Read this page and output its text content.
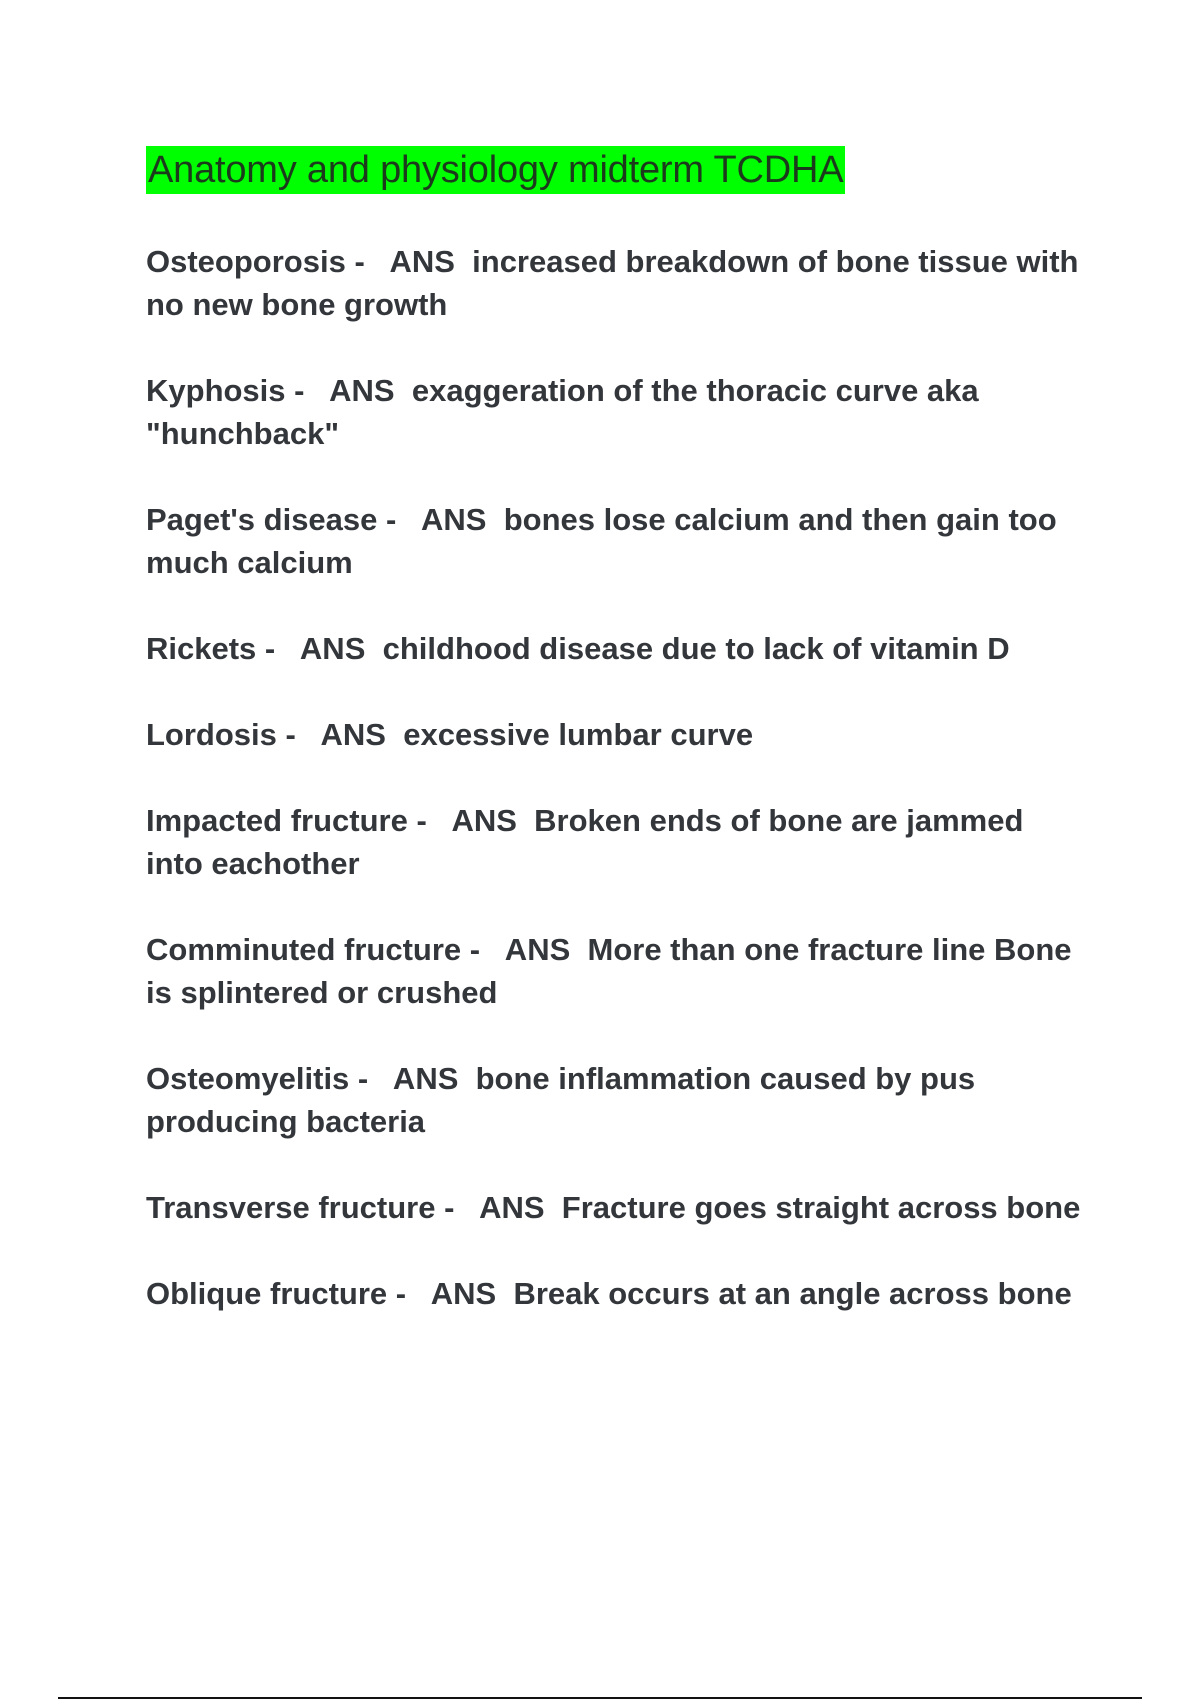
Anatomy and physiology midterm TCDHA
Osteoporosis -   ANS  increased breakdown of bone tissue with no new bone growth
Kyphosis -   ANS  exaggeration of the thoracic curve aka "hunchback"
Paget's disease -   ANS  bones lose calcium and then gain too much calcium
Rickets -   ANS  childhood disease due to lack of vitamin D
Lordosis -   ANS  excessive lumbar curve
Impacted fructure -   ANS  Broken ends of bone are jammed into eachother
Comminuted fructure -   ANS  More than one fracture line Bone is splintered or crushed
Osteomyelitis -   ANS  bone inflammation caused by pus producing bacteria
Transverse fructure -   ANS  Fracture goes straight across bone
Oblique fructure -   ANS  Break occurs at an angle across bone
